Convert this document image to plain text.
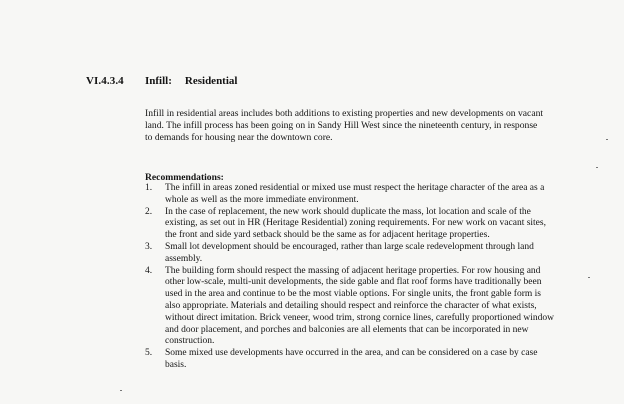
VI.4.3.4 Infill: Residential

Infill in residential areas includes both additions to existing properties and new developments on vacant land. The infill process has been going on in Sandy Hill West since the nineteenth century, in response to demands for housing near the downtown core.

Recommendations:
1. The infill in areas zoned residential or mixed use must respect the heritage character of the area as a whole as well as the more immediate environment.
2. In the case of replacement, the new work should duplicate the mass, lot location and scale of the existing, as set out in HR (Heritage Residential) zoning requirements. For new work on vacant sites, the front and side yard setback should be the same as for adjacent heritage properties.
3. Small lot development should be encouraged, rather than large scale redevelopment through land assembly.
4. The building form should respect the massing of adjacent heritage properties. For row housing and other low-scale, multi-unit developments, the side gable and flat roof forms have traditionally been used in the area and continue to be the most viable options. For single units, the front gable form is also appropriate. Materials and detailing should respect and reinforce the character of what exists, without direct imitation. Brick veneer, wood trim, strong cornice lines, carefully proportioned window and door placement, and porches and balconies are all elements that can be incorporated in new construction.
5. Some mixed use developments have occurred in the area, and can be considered on a case by case basis.
